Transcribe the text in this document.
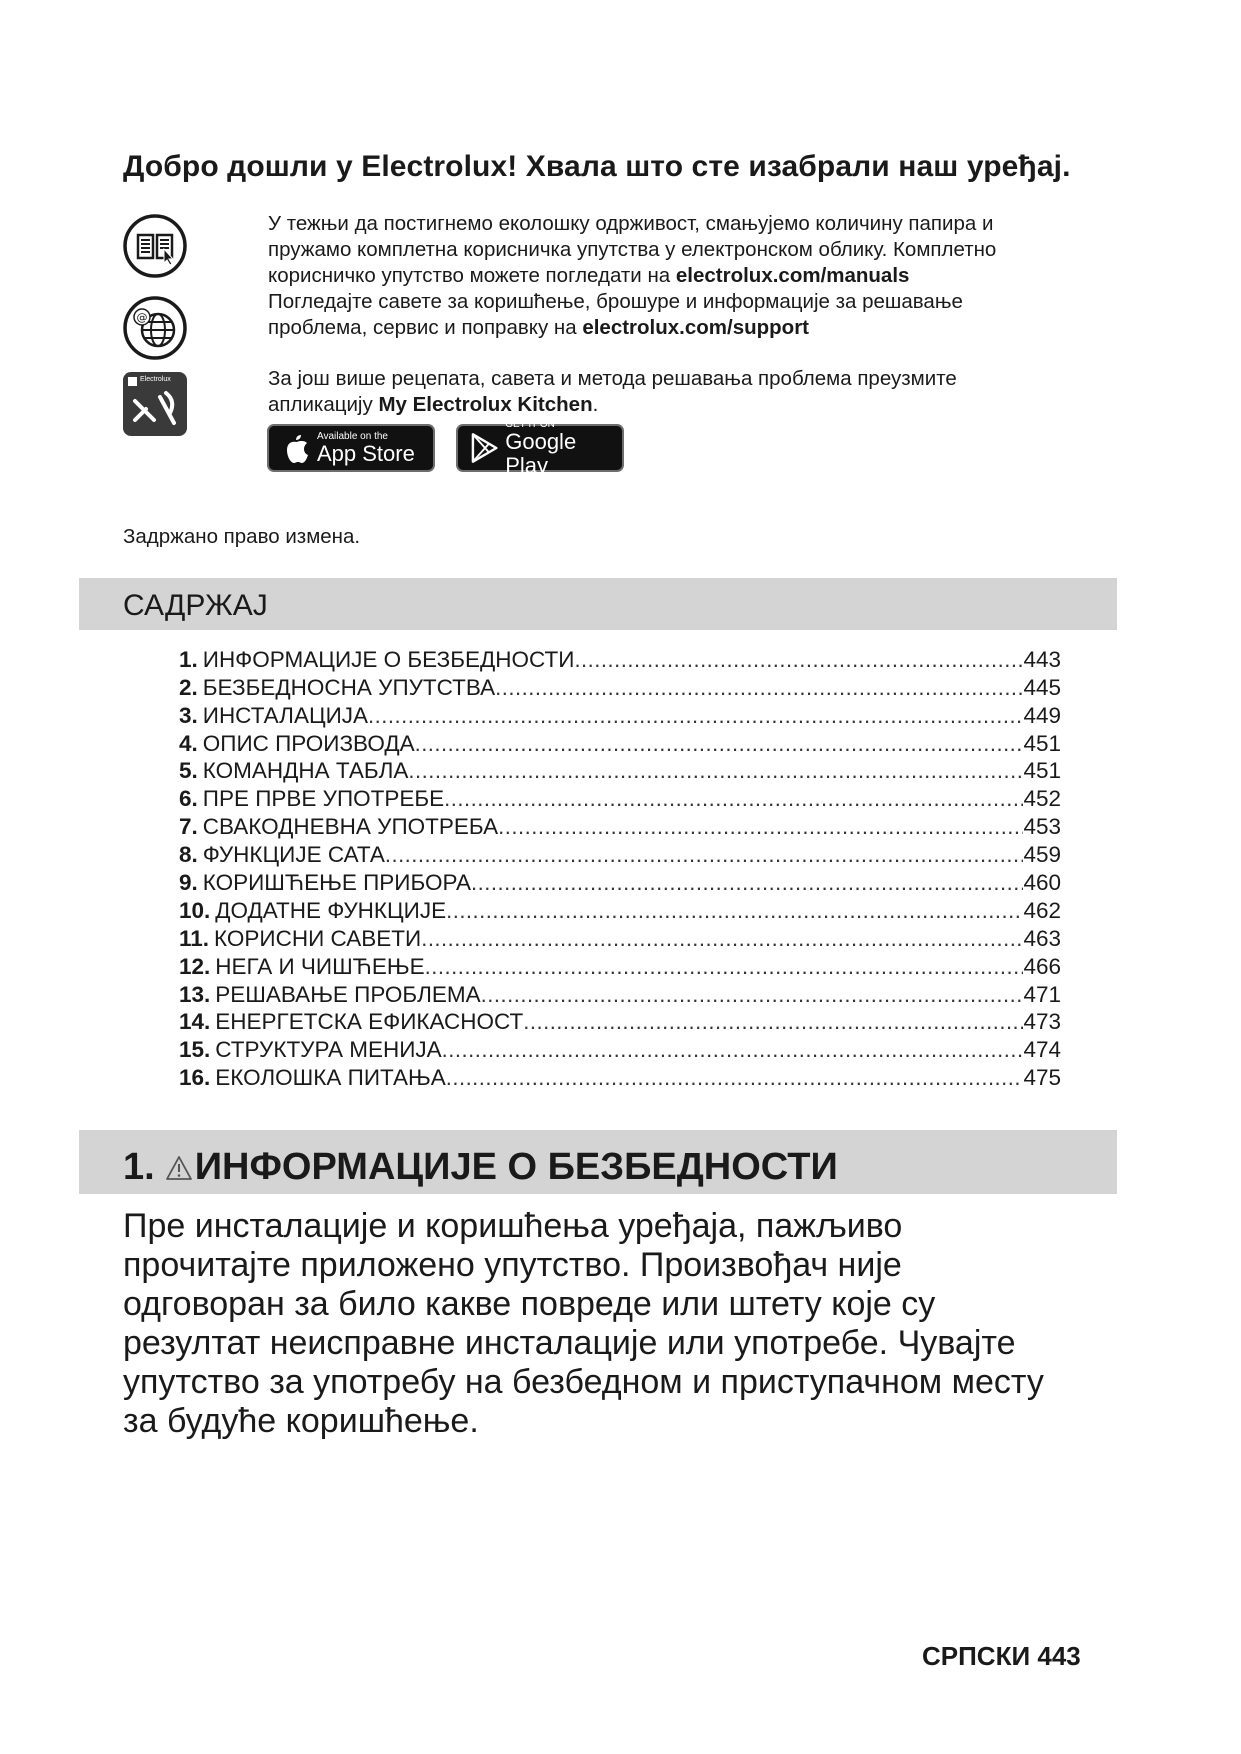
Добро дошли у Electrolux! Хвала што сте изабрали наш уређај.
@
Electrolux

У тежњи да постигнемо еколошку одрживост, смањујемо количину папира и
пружамо комплетна корисничка упутства у електронском облику. Комплетно
корисничко упутство можете погледати на electrolux.com/manuals
Погледајте савете за коришћење, брошуре и информације за решавање
проблема, сервис и поправку на electrolux.com/support

За још више рецепата, савета и метода решавања проблема преузмите
апликацију My Electrolux Kitchen.

Available on the
App Store
GET IT ON
Google Play
Задржано право измена.
САДРЖАЈ
1. ИНФОРМАЦИЈЕ О БЕЗБЕДНОСТИ .....	443
2. БЕЗБЕДНОСНА УПУТСТВА .....	445
3. ИНСТАЛАЦИЈА .....	449
4. ОПИС ПРОИЗВОДА .....	451
5. КОМАНДНА ТАБЛА .....	451
6. ПРЕ ПРВЕ УПОТРЕБЕ .....	452
7. СВАКОДНЕВНА УПОТРЕБА .....	453
8. ФУНКЦИЈЕ САТА .....	459
9. КОРИШЋЕЊЕ ПРИБОРА .....	460
10. ДОДАТНЕ ФУНКЦИЈЕ .....	462
11. КОРИСНИ САВЕТИ .....	463
12. НЕГА И ЧИШЋЕЊЕ .....	466
13. РЕШАВАЊЕ ПРОБЛЕМА .....	471
14. ЕНЕРГЕТСКА ЕФИКАСНОСТ .....	473
15. СТРУКТУРА МЕНИЈА .....	474
16. ЕКОЛОШКА ПИТАЊА .....	475
1. ИНФОРМАЦИЈЕ О БЕЗБЕДНОСТИ
Пре инсталације и коришћења уређаја, пажљиво
прочитајте приложено упутство. Произвођач није
одговоран за било какве повреде или штету које су
резултат неисправне инсталације или употребе. Чувајте
упутство за употребу на безбедном и приступачном месту
за будуће коришћење.
СРПСКИ 443
